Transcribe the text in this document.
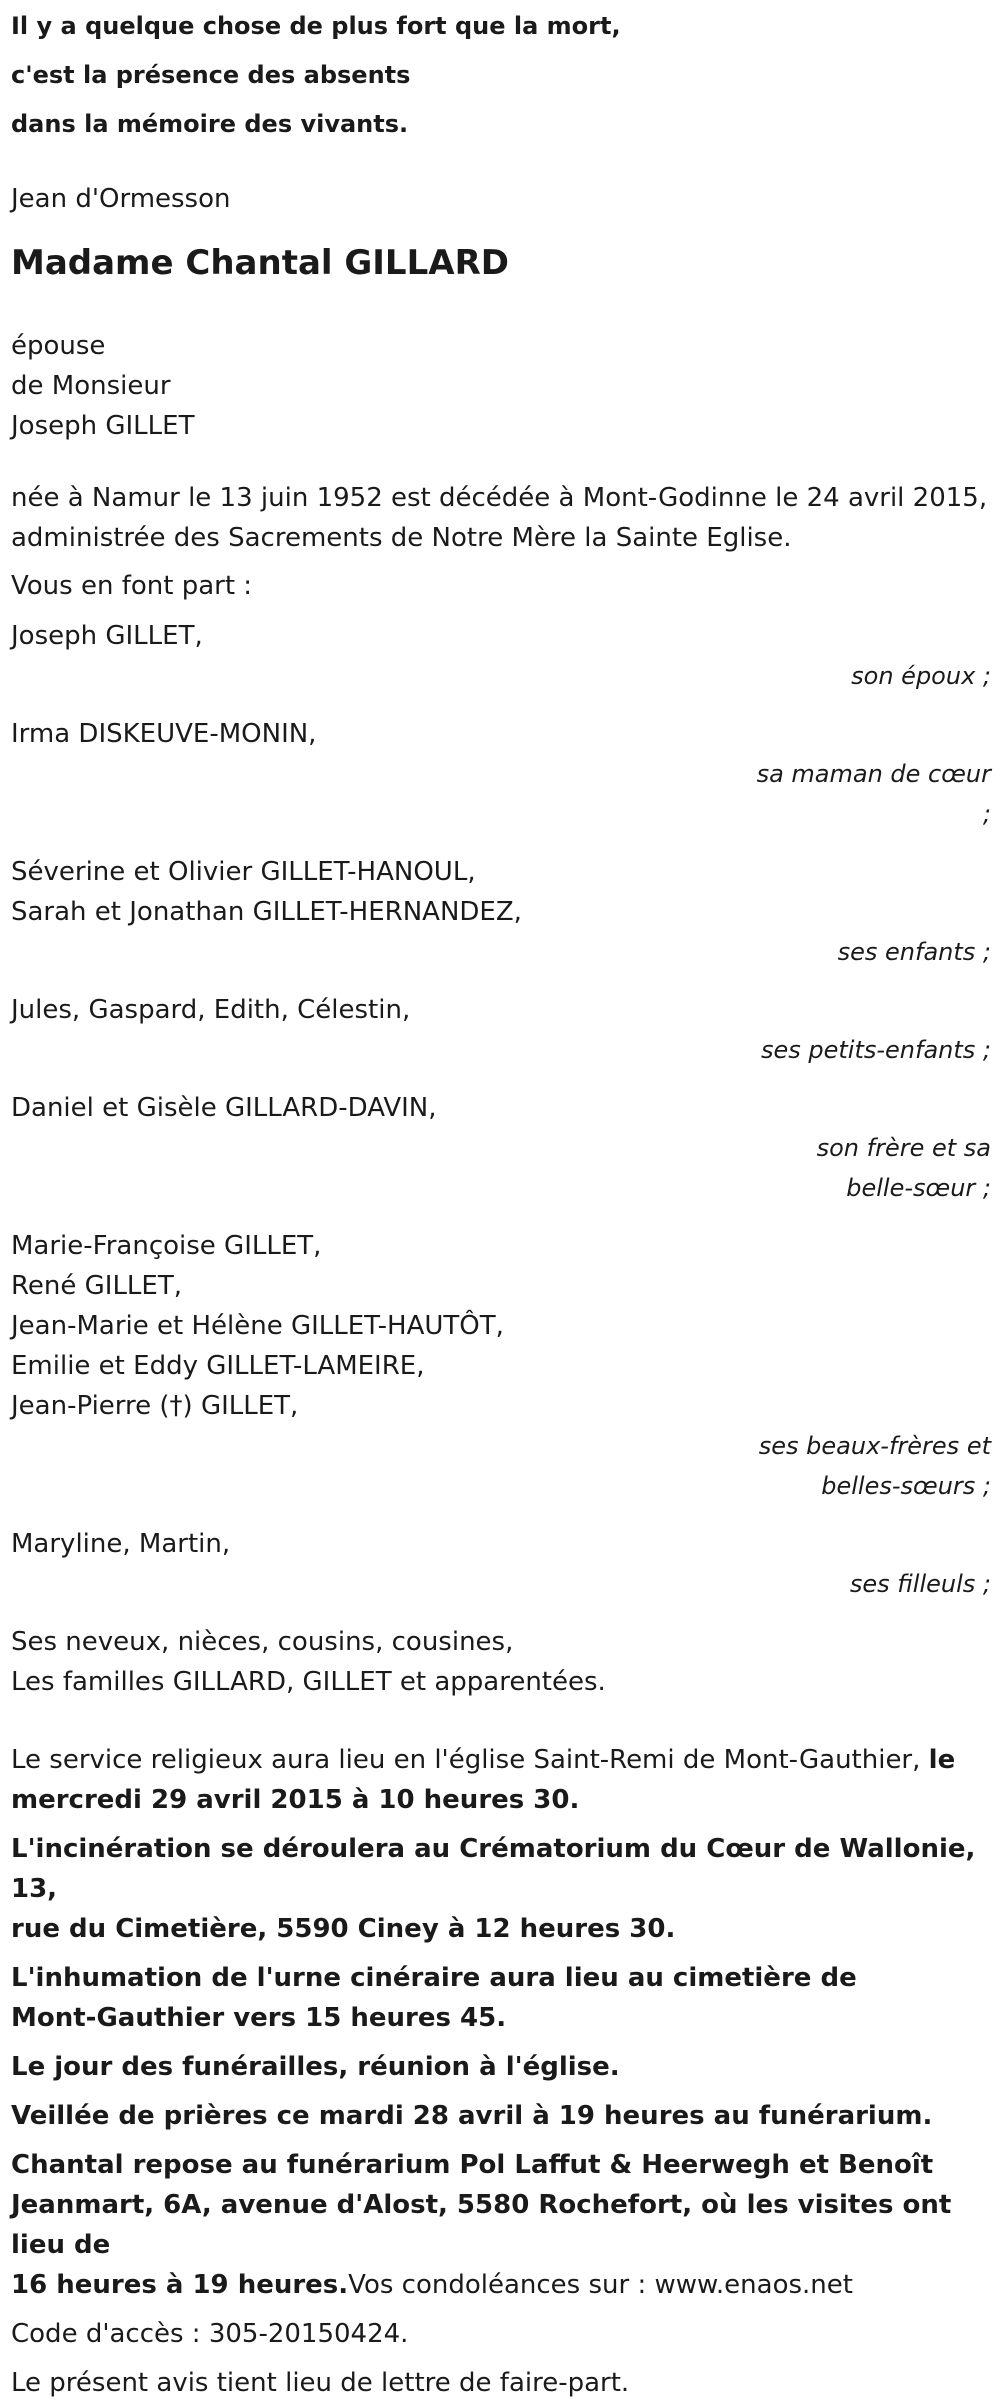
Il y a quelque chose de plus fort que la mort,
c'est la présence des absents
dans la mémoire des vivants.
Jean d'Ormesson
Madame Chantal GILLARD
épouse
de Monsieur
Joseph GILLET
née à Namur le 13 juin 1952 est décédée à Mont-Godinne le 24 avril 2015,
administrée des Sacrements de Notre Mère la Sainte Eglise.
Vous en font part :
Joseph GILLET,
son époux ;
Irma DISKEUVE-MONIN,
sa maman de cœur
;
Séverine et Olivier GILLET-HANOUL,
Sarah et Jonathan GILLET-HERNANDEZ,
ses enfants ;
Jules, Gaspard, Edith, Célestin,
ses petits-enfants ;
Daniel et Gisèle GILLARD-DAVIN,
son frère et sa
belle-sœur ;
Marie-Françoise GILLET,
René GILLET,
Jean-Marie et Hélène GILLET-HAUTÔT,
Emilie et Eddy GILLET-LAMEIRE,
Jean-Pierre (†) GILLET,
ses beaux-frères et
belles-sœurs ;
Maryline, Martin,
ses filleuls ;
Ses neveux, nièces, cousins, cousines,
Les familles GILLARD, GILLET et apparentées.
Le service religieux aura lieu en l'église Saint-Remi de Mont-Gauthier, le
mercredi 29 avril 2015 à 10 heures 30.
L'incinération se déroulera au Crématorium du Cœur de Wallonie, 13,
rue du Cimetière, 5590 Ciney à 12 heures 30.
L'inhumation de l'urne cinéraire aura lieu au cimetière de
Mont-Gauthier vers 15 heures 45.
Le jour des funérailles, réunion à l'église.
Veillée de prières ce mardi 28 avril à 19 heures au funérarium.
Chantal repose au funérarium Pol Laffut & Heerwegh et Benoît
Jeanmart, 6A, avenue d'Alost, 5580 Rochefort, où les visites ont lieu de
16 heures à 19 heures.Vos condoléances sur : www.enaos.net
Code d'accès : 305-20150424.
Le présent avis tient lieu de lettre de faire-part.
